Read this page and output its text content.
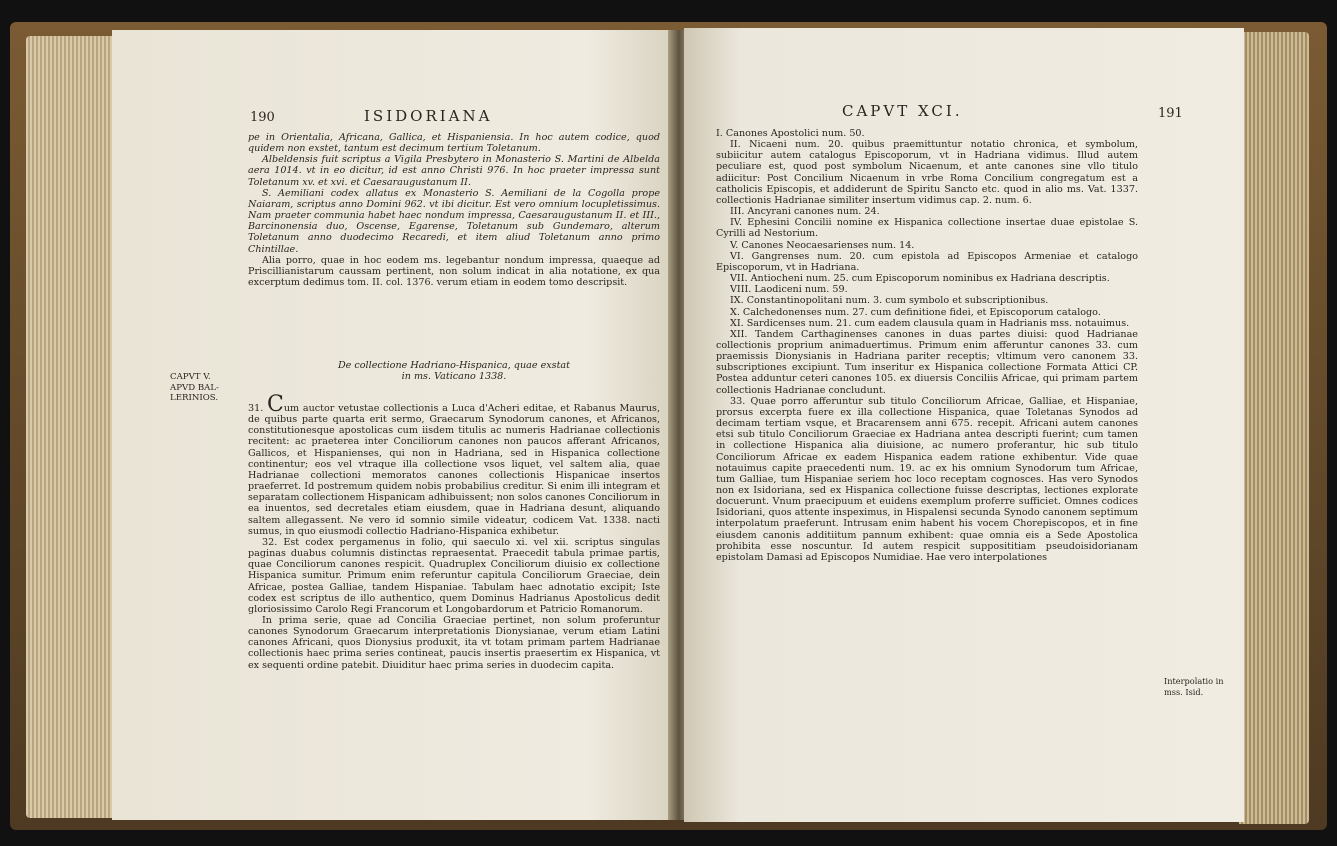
190	ISIDORIANA

pe in Orientalia, Africana, Gallica, et Hispaniensia. In hoc autem codice, quod quidem non exstet, tantum est decimum tertium Toletanum.

Albeldensis fuit scriptus a Vigila Presbytero in Monasterio S. Martini de Albelda aera 1014. vt in eo dicitur, id est anno Christi 976. In hoc praeter impressa sunt Toletanum xv. et xvi. et Caesaraugustanum II.

S. Aemiliani codex allatus ex Monasterio S. Aemiliani de la Cogolla prope Naiaram, scriptus anno Domini 962. vt ibi dicitur. Est vero omnium locupletissimus. Nam praeter communia habet haec nondum impressa, Caesaraugustanum II. et III., Barcinonensia duo, Oscense, Egarense, Toletanum sub Gundemaro, alterum Toletanum anno duodecimo Recaredi, et item aliud Toletanum anno primo Chintillae.

Alia porro, quae in hoc eodem ms. legebantur nondum impressa, quaeque ad Priscillianistarum caussam pertinent, non solum indicat in alia notatione, ex qua excerptum dedimus tom. II. col. 1376. verum etiam in eodem tomo descripsit.

De collectione Hadriano-Hispanica, quae exstat

in ms. Vaticano 1338.

31. Cum auctor vetustae collectionis a Luca d'Acheri editae, et Rabanus Maurus, de quibus parte quarta erit sermo, Graecarum Synodorum canones, et Africanos, constitutionesque apostolicas cum iisdem titulis ac numeris Hadrianae collectionis recitent: ac praeterea inter Conciliorum canones non paucos afferant Africanos, Gallicos, et Hispanienses, qui non in Hadriana, sed in Hispanica collectione continentur; eos vel vtraque illa collectione vsos liquet, vel saltem alia, quae Hadrianae collectioni memoratos canones collectionis Hispanicae insertos praeferret. Id postremum quidem nobis probabilius creditur. Si enim illi integram et separatam collectionem Hispanicam adhibuissent; non solos canones Conciliorum in ea inuentos, sed decretales etiam eiusdem, quae in Hadriana desunt, aliquando saltem allegassent. Ne vero id somnio simile videatur, codicem Vat. 1338. nacti sumus, in quo eiusmodi collectio Hadriano-Hispanica exhibetur.

32. Est codex pergamenus in folio, qui saeculo xi. vel xii. scriptus singulas paginas duabus columnis distinctas repraesentat. Praecedit tabula primae partis, quae Conciliorum canones respicit. Quadruplex Conciliorum diuisio ex collectione Hispanica sumitur. Primum enim referuntur capitula Conciliorum Graeciae, dein Africae, postea Galliae, tandem Hispaniae. Tabulam haec adnotatio excipit; Iste codex est scriptus de illo authentico, quem Dominus Hadrianus Apostolicus dedit gloriosissimo Carolo Regi Francorum et Longobardorum et Patricio Romanorum.

In prima serie, quae ad Concilia Graeciae pertinet, non solum proferuntur canones Synodorum Graecarum interpretationis Dionysianae, verum etiam Latini canones Africani, quos Dionysius produxit, ita vt totam primam partem Hadrianae collectionis haec prima series contineat, paucis insertis praesertim ex Hispanica, vt ex sequenti ordine patebit. Diuiditur haec prima series in duodecim capita.

CAPVT V.
APVD BAL-
LERINIOS.
CAPVT XCI.	191

I. Canones Apostolici num. 50.

II. Nicaeni num. 20. quibus praemittuntur notatio chronica, et symbolum, subiicitur autem catalogus Episcoporum, vt in Hadriana vidimus. Illud autem peculiare est, quod post symbolum Nicaenum, et ante canones sine vllo titulo adiicitur: Post Concilium Nicaenum in vrbe Roma Concilium congregatum est a catholicis Episcopis, et addiderunt de Spiritu Sancto etc. quod in alio ms. Vat. 1337. collectionis Hadrianae similiter insertum vidimus cap. 2. num. 6.

III. Ancyrani canones num. 24.

IV. Ephesini Concilii nomine ex Hispanica collectione insertae duae epistolae S. Cyrilli ad Nestorium.

V. Canones Neocaesarienses num. 14.

VI. Gangrenses num. 20. cum epistola ad Episcopos Armeniae et catalogo Episcoporum, vt in Hadriana.

VII. Antiocheni num. 25. cum Episcoporum nominibus ex Hadriana descriptis.

VIII. Laodiceni num. 59.

IX. Constantinopolitani num. 3. cum symbolo et subscriptionibus.

X. Calchedonenses num. 27. cum definitione fidei, et Episcoporum catalogo.

XI. Sardicenses num. 21. cum eadem clausula quam in Hadrianis mss. notauimus.

XII. Tandem Carthaginenses canones in duas partes diuisi: quod Hadrianae collectionis proprium animaduertimus. Primum enim afferuntur canones 33. cum praemissis Dionysianis in Hadriana pariter receptis; vltimum vero canonem 33. subscriptiones excipiunt. Tum inseritur ex Hispanica collectione Formata Attici CP. Postea adduntur ceteri canones 105. ex diuersis Conciliis Africae, qui primam partem collectionis Hadrianae concludunt.

33. Quae porro afferuntur sub titulo Conciliorum Africae, Galliae, et Hispaniae, prorsus excerpta fuere ex illa collectione Hispanica, quae Toletanas Synodos ad decimam tertiam vsque, et Bracarensem anni 675. recepit. Africani autem canones etsi sub titulo Conciliorum Graeciae ex Hadriana antea descripti fuerint; cum tamen in collectione Hispanica alia diuisione, ac numero proferantur, hic sub titulo Conciliorum Africae ex eadem Hispanica eadem ratione exhibentur. Vide quae notauimus capite praecedenti num. 19. ac ex his omnium Synodorum tum Africae, tum Galliae, tum Hispaniae seriem hoc loco receptam cognosces. Has vero Synodos non ex Isidoriana, sed ex Hispanica collectione fuisse descriptas, lectiones explorate docuerunt. Vnum praecipuum et euidens exemplum proferre sufficiet. Omnes codices Isidoriani, quos attente inspeximus, in Hispalensi secunda Synodo canonem septimum interpolatum praeferunt. Intrusam enim habent his vocem Chorepiscopos, et in fine eiusdem canonis additiitum pannum exhibent: quae omnia eis a Sede Apostolica prohibita esse noscuntur. Id autem respicit supposititiam pseudoisidorianam epistolam Damasi ad Episcopos Numidiae. Hae vero interpolationes

Interpolatio in
mss. Isid.
